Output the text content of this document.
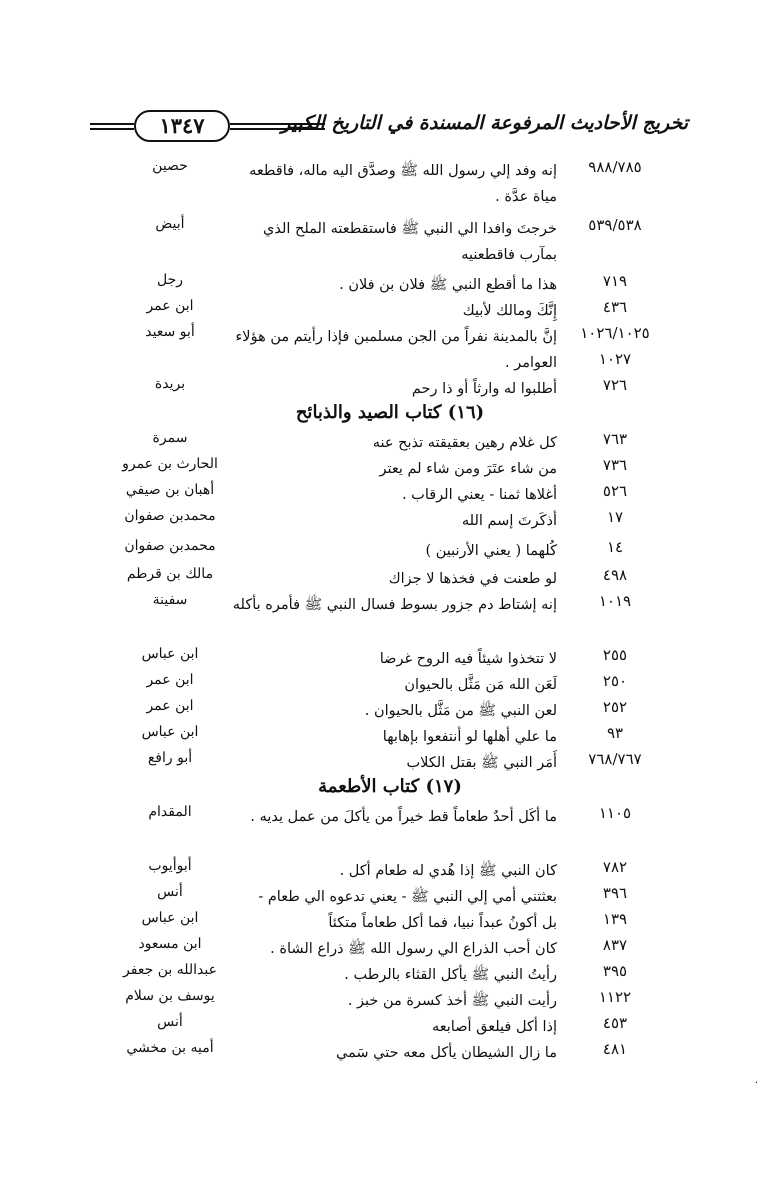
١٣٤٧	تخريج الأحاديث المرفوعة المسندة في التاريخ الكبير
٩٨٨/٧٨٥
إنه وفد إلي رسول الله ﷺ وصدَّق اليه ماله، فاقطعه مياة عدَّة .
حصين
٥٣٩/٥٣٨
خرجتَ وافدا الي النبي ﷺ فاستقطعته الملح الذي بمآرب فاقطعنيه
أبيض
٧١٩
هذا ما أقطع النبي ﷺ فلان بن فلان .
رجل
٤٣٦
إِنَّكَ ومالك لأبيك
ابن عمر
١٠٢٦/١٠٢٥
إنَّ بالمدينة نفراً من الجن مسلمبن فإذا رأيتم من هؤلاء العوامر .
أبو سعيد
١٠٢٧
٧٢٦
أطلبوا له وارثاً أو ذا رحم
بريدة
(١٦) كتاب الصيد والذبائح
٧٦٣
كل غلام رهين بعقيقته تذبح عنه
سمرة
٧٣٦
من شاء عتَرَ ومن شاء لم يعتر
الحارث بن عمرو
٥٢٦
أغلاها ثمنا - يعني الرقاب .
أهبان بن صيفي
١٧
أذكَرتَ إسم الله
محمدبن صفوان
١٤
كُلهما ( يعني الأرنبين )
محمدبن صفوان
٤٩٨
لو طعنت في فخذها لا جزاك
مالك بن قرطم
١٠١٩
إنه إشتاط دم جزور بسوط فسال النبي ﷺ فأمره بأكله
سفينة
٢٥٥
لا تتخذوا شيئاً فيه الروح غرضا
ابن عباس
٢٥٠
لَعَن الله مَن مَثَّل بالحيوان
ابن عمر
٢٥٢
لعن النبي ﷺ من مَثَّل بالحيوان .
ابن عمر
٩٣
ما علي أهلها لو أنتفعوا بإهابها
ابن عباس
٧٦٨/٧٦٧
أَمَر النبي ﷺ بقتل الكلاب
أبو رافع
(١٧) كتاب الأطعمة
١١٠٥
ما أكَل أحدٌ طعاماً قط خيراً من يأكلَ من عمل يديه .
المقدام
٧٨٢
كان النبي ﷺ إذا هُدي له طعام أكل .
أبوأيوب
٣٩٦
بعثتني أمي إلي النبي ﷺ - يعني تدعوه الي طعام -
أنس
١٣٩
بل أكونُ عبداً نبيا، فما أكل طعاماً متكئاً
ابن عباس
٨٣٧
كان أحب الذراع الي رسول الله ﷺ ذراع الشاة .
ابن مسعود
٣٩٥
رأيتُ النبي ﷺ يأكل القثاء بالرطب .
عبدالله بن جعفر
١١٢٢
رأيت النبي ﷺ أخذ كسرة من خبز .
يوسف بن سلام
٤٥٣
إذا أكل فيلعق أصابعه
أنس
٤٨١
ما زال الشيطان يأكل معه حتي سَمي
أميه بن مخشي
·
